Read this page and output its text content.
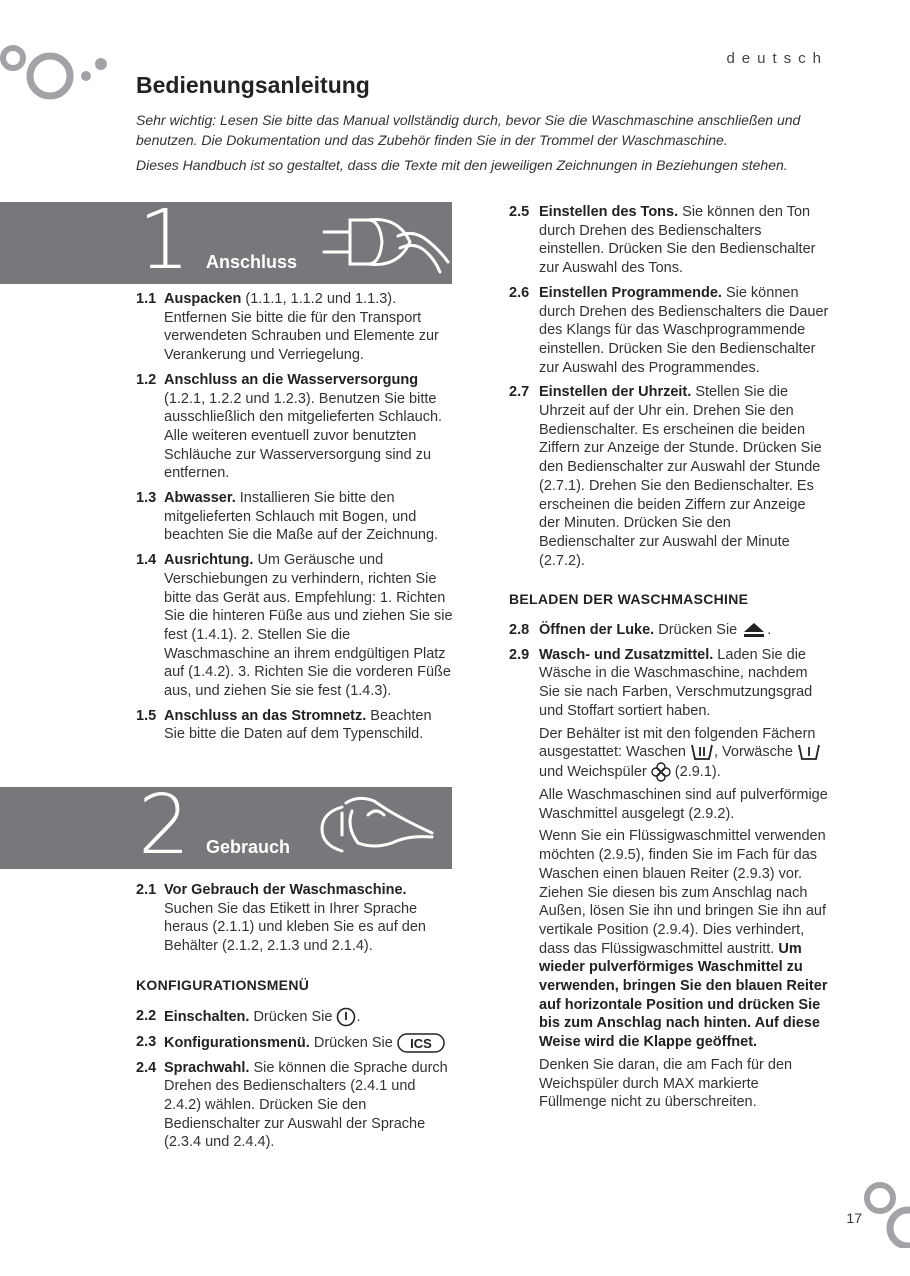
deutsch
Bedienungsanleitung

Sehr wichtig: Lesen Sie bitte das Manual vollständig durch, bevor Sie die Waschmaschine anschließen und benutzen. Die Dokumentation und das Zubehör finden Sie in der Trommel der Waschmaschine.

Dieses Handbuch ist so gestaltet, dass die Texte mit den jeweiligen Zeichnungen in Beziehungen stehen.

1 Anschluss
1.1 Auspacken (1.1.1, 1.1.2 und 1.1.3). Entfernen Sie bitte die für den Transport verwendeten Schrauben und Elemente zur Verankerung und Verriegelung.
1.2 Anschluss an die Wasserversorgung (1.2.1, 1.2.2 und 1.2.3). Benutzen Sie bitte ausschließlich den mitgelieferten Schlauch. Alle weiteren eventuell zuvor benutzten Schläuche zur Wasserversorgung sind zu entfernen.
1.3 Abwasser. Installieren Sie bitte den mitgelieferten Schlauch mit Bogen, und beachten Sie die Maße auf der Zeichnung.
1.4 Ausrichtung. Um Geräusche und Verschiebungen zu verhindern, richten Sie bitte das Gerät aus. Empfehlung: 1. Richten Sie die hinteren Füße aus und ziehen Sie sie fest (1.4.1). 2. Stellen Sie die Waschmaschine an ihrem endgültigen Platz auf (1.4.2). 3. Richten Sie die vorderen Füße aus, und ziehen Sie sie fest (1.4.3).
1.5 Anschluss an das Stromnetz. Beachten Sie bitte die Daten auf dem Typenschild.
2 Gebrauch
2.1 Vor Gebrauch der Waschmaschine. Suchen Sie das Etikett in Ihrer Sprache heraus (2.1.1) und kleben Sie es auf den Behälter (2.1.2, 2.1.3 und 2.1.4).
KONFIGURATIONSMENÜ
2.2 Einschalten. Drücken Sie .
2.3 Konfigurationsmenü. Drücken Sie ICS
2.4 Sprachwahl. Sie können die Sprache durch Drehen des Bedienschalters (2.4.1 und 2.4.2) wählen. Drücken Sie den Bedienschalter zur Auswahl der Sprache (2.3.4 und 2.4.4).
2.5 Einstellen des Tons. Sie können den Ton durch Drehen des Bedienschalters einstellen. Drücken Sie den Bedienschalter zur Auswahl des Tons.
2.6 Einstellen Programmende. Sie können durch Drehen des Bedienschalters die Dauer des Klangs für das Waschprogrammende einstellen. Drücken Sie den Bedienschalter zur Auswahl des Programmendes.
2.7 Einstellen der Uhrzeit. Stellen Sie die Uhrzeit auf der Uhr ein. Drehen Sie den Bedienschalter. Es erscheinen die beiden Ziffern zur Anzeige der Stunde. Drücken Sie den Bedienschalter zur Auswahl der Stunde (2.7.1). Drehen Sie den Bedienschalter. Es erscheinen die beiden Ziffern zur Anzeige der Minuten. Drücken Sie den Bedienschalter zur Auswahl der Minute (2.7.2).
BELADEN DER WASCHMASCHINE
2.8 Öffnen der Luke. Drücken Sie .
2.9 Wasch- und Zusatzmittel. Laden Sie die Wäsche in die Waschmaschine, nachdem Sie sie nach Farben, Verschmutzungsgrad und Stoffart sortiert haben.
Der Behälter ist mit den folgenden Fächern ausgestattet: Waschen , Vorwäsche  und Weichspüler  (2.9.1).
Alle Waschmaschinen sind auf pulverförmige Waschmittel ausgelegt (2.9.2).
Wenn Sie ein Flüssigwaschmittel verwenden möchten (2.9.5), finden Sie im Fach für das Waschen einen blauen Reiter (2.9.3) vor. Ziehen Sie diesen bis zum Anschlag nach Außen, lösen Sie ihn und bringen Sie ihn auf vertikale Position (2.9.4). Dies verhindert, dass das Flüssigwaschmittel austritt. Um wieder pulverförmiges Waschmittel zu verwenden, bringen Sie den blauen Reiter auf horizontale Position und drücken Sie bis zum Anschlag nach hinten. Auf diese Weise wird die Klappe geöffnet.
Denken Sie daran, die am Fach für den Weichspüler durch MAX markierte Füllmenge nicht zu überschreiten.
17
